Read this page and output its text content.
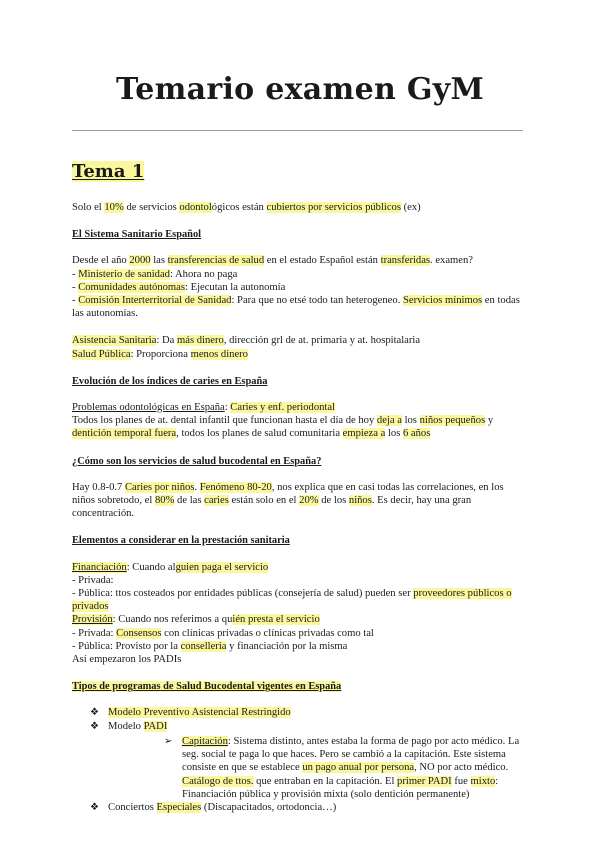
Temario examen GyM
Tema 1

Solo el 10% de servicios odontológicos están cubiertos por servicios públicos (ex)

El Sistema Sanitario Español

Desde el año 2000 las transferencias de salud en el estado Español están transferidas. examen?

- Ministerio de sanidad: Ahora no paga

- Comunidades autónomas: Ejecutan la autonomía

- Comisión Interterritorial de Sanidad: Para que no etsé todo tan heterogeneo. Servicios mínimos en todas las autonomías.

Asistencia Sanitaria: Da más dinero, dirección grl de at. primaria y at. hospitalaria

Salud Pública: Proporciona menos dinero

Evolución de los índices de caries en España

Problemas odontológicas en España: Caries y enf. periodontal

Todos los planes de at. dental infantil que funcionan hasta el día de hoy deja a los niños pequeños y dentición temporal fuera, todos los planes de salud comunitaria empieza a los 6 años

¿Cómo son los servicios de salud bucodental en España?

Hay 0.8-0.7 Caries por niños. Fenómeno 80-20, nos explica que en casi todas las correlaciones, en los niños sobretodo, el 80% de las caries están solo en el 20% de los niños. Es decir, hay una gran concentración.

Elementos a considerar en la prestación sanitaria

Financiación: Cuando alguien paga el servicio

- Privada:

- Pública: ttos costeados por entidades públicas (consejería de salud) pueden ser proveedores públicos o privados

Provisión: Cuando nos referimos a quién presta el servicio

- Privada: Consensos con clínicas privadas o clínicas privadas como tal

- Pública: Provisto por la conselleria y financiación por la misma

Así empezaron los PADIs

Tipos de programas de Salud Bucodental vigentes en España

❖ Modelo Preventivo Asistencial Restringido
❖ Modelo PADI
➢ Capitación: Sistema distinto, antes estaba la forma de pago por acto médico. La seg. social te paga lo que haces. Pero se cambió a la capitación. Este sistema consiste en que se establece un pago anual por persona, NO por acto médico. Catálogo de ttos. que entraban en la capitación. El primer PADI fue mixto: Financiación pública y provisión mixta (solo dentición permanente)
❖ Conciertos Especiales (Discapacitados, ortodoncia…)
